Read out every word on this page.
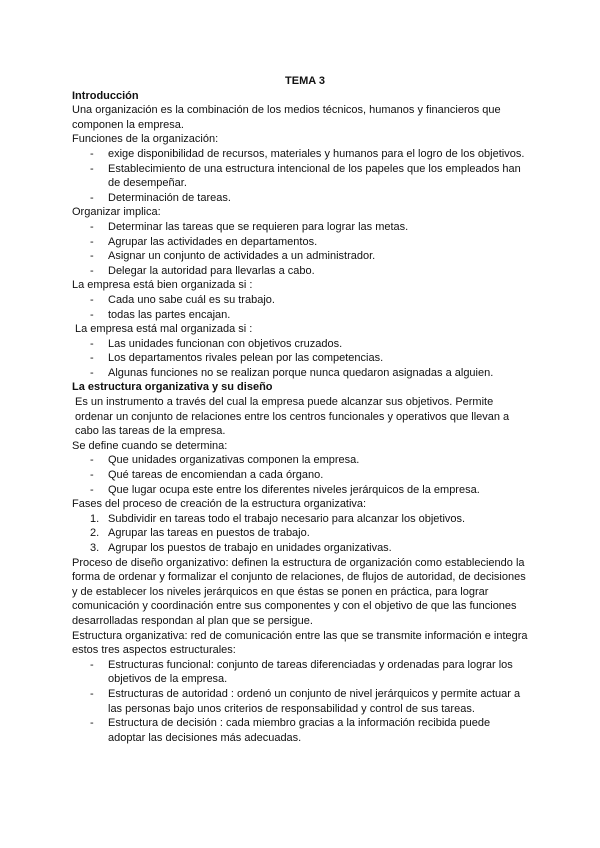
TEMA 3

Introducción

Una organización es la combinación de los medios técnicos, humanos y financieros que componen la empresa.

Funciones de la organización:

- exige disponibilidad de recursos, materiales y humanos para el logro de los objetivos.
- Establecimiento de una estructura intencional de los papeles que los empleados han de desempeñar.
- Determinación de tareas.

Organizar implica:

- Determinar las tareas que se requieren para lograr las metas.
- Agrupar las actividades en departamentos.
- Asignar un conjunto de actividades a un administrador.
- Delegar la autoridad para llevarlas a cabo.

La empresa está bien organizada si :

- Cada uno sabe cuál es su trabajo.
- todas las partes encajan.

La empresa está mal organizada si :

- Las unidades funcionan con objetivos cruzados.
- Los departamentos rivales pelean por las competencias.
- Algunas funciones no se realizan porque nunca quedaron asignadas a alguien.

La estructura organizativa y su diseño

Es un instrumento a través del cual la empresa puede alcanzar sus objetivos. Permite ordenar un conjunto de relaciones entre los centros funcionales y operativos que llevan a cabo las tareas de la empresa.

Se define cuando se determina:

- Que unidades organizativas componen la empresa.
- Qué tareas de encomiendan a cada órgano.
- Que lugar ocupa este entre los diferentes niveles jerárquicos de la empresa.

Fases del proceso de creación de la estructura organizativa:

1. Subdividir en tareas todo el trabajo necesario para alcanzar los objetivos.
2. Agrupar las tareas en puestos de trabajo.
3. Agrupar los puestos de trabajo en unidades organizativas.

Proceso de diseño organizativo: definen la estructura de organización como estableciendo la forma de ordenar y formalizar el conjunto de relaciones, de flujos de autoridad, de decisiones y de establecer los niveles jerárquicos en que éstas se ponen en práctica, para lograr comunicación y coordinación entre sus componentes y con el objetivo de que las funciones desarrolladas respondan al plan que se persigue.

Estructura organizativa: red de comunicación entre las que se transmite información e integra estos tres aspectos estructurales:

- Estructuras funcional: conjunto de tareas diferenciadas y ordenadas para lograr los objetivos de la empresa.
- Estructuras de autoridad : ordenó un conjunto de nivel jerárquicos y permite actuar a las personas bajo unos criterios de responsabilidad y control de sus tareas.
- Estructura de decisión : cada miembro gracias a la información recibida puede adoptar las decisiones más adecuadas.
